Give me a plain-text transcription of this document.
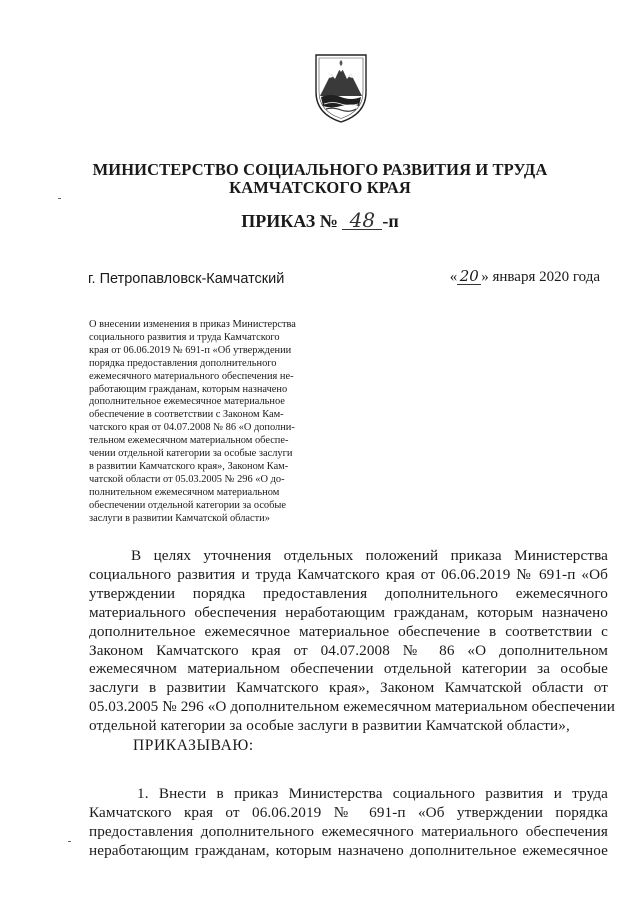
МИНИСТЕРСТВО СОЦИАЛЬНОГО РАЗВИТИЯ И ТРУДА
КАМЧАТСКОГО КРАЯ
ПРИКАЗ № 48 -п
г. Петропавловск-Камчатский	« 20 » января 2020 года
О внесении изменения в приказ Министерства
социального развития и труда Камчатского
края от 06.06.2019 № 691-п «Об утверждении
порядка предоставления дополнительного
ежемесячного материального обеспечения не-
работающим гражданам, которым назначено
дополнительное ежемесячное материальное
обеспечение в соответствии с Законом Кам-
чатского края от 04.07.2008 № 86 «О дополни-
тельном ежемесячном материальном обеспе-
чении отдельной категории за особые заслуги
в развитии Камчатского края», Законом Кам-
чатской области от 05.03.2005 № 296 «О до-
полнительном ежемесячном материальном
обеспечении отдельной категории за особые
заслуги в развитии Камчатской области»
В целях уточнения отдельных положений приказа Министерства
социального развития и труда Камчатского края от 06.06.2019 № 691-п «Об
утверждении порядка предоставления дополнительного ежемесячного
материального обеспечения неработающим гражданам, которым назначено
дополнительное ежемесячное материальное обеспечение в соответствии с
Законом Камчатского края от 04.07.2008 № 86 «О дополнительном
ежемесячном материальном обеспечении отдельной категории за особые
заслуги в развитии Камчатского края», Законом Камчатской области от
05.03.2005 № 296 «О дополнительном ежемесячном материальном обеспечении
отдельной категории за особые заслуги в развитии Камчатской области»,
ПРИКАЗЫВАЮ:
1. Внести в приказ Министерства социального развития и труда
Камчатского края от 06.06.2019 № 691-п «Об утверждении порядка
предоставления дополнительного ежемесячного материального обеспечения
неработающим гражданам, которым назначено дополнительное ежемесячное
